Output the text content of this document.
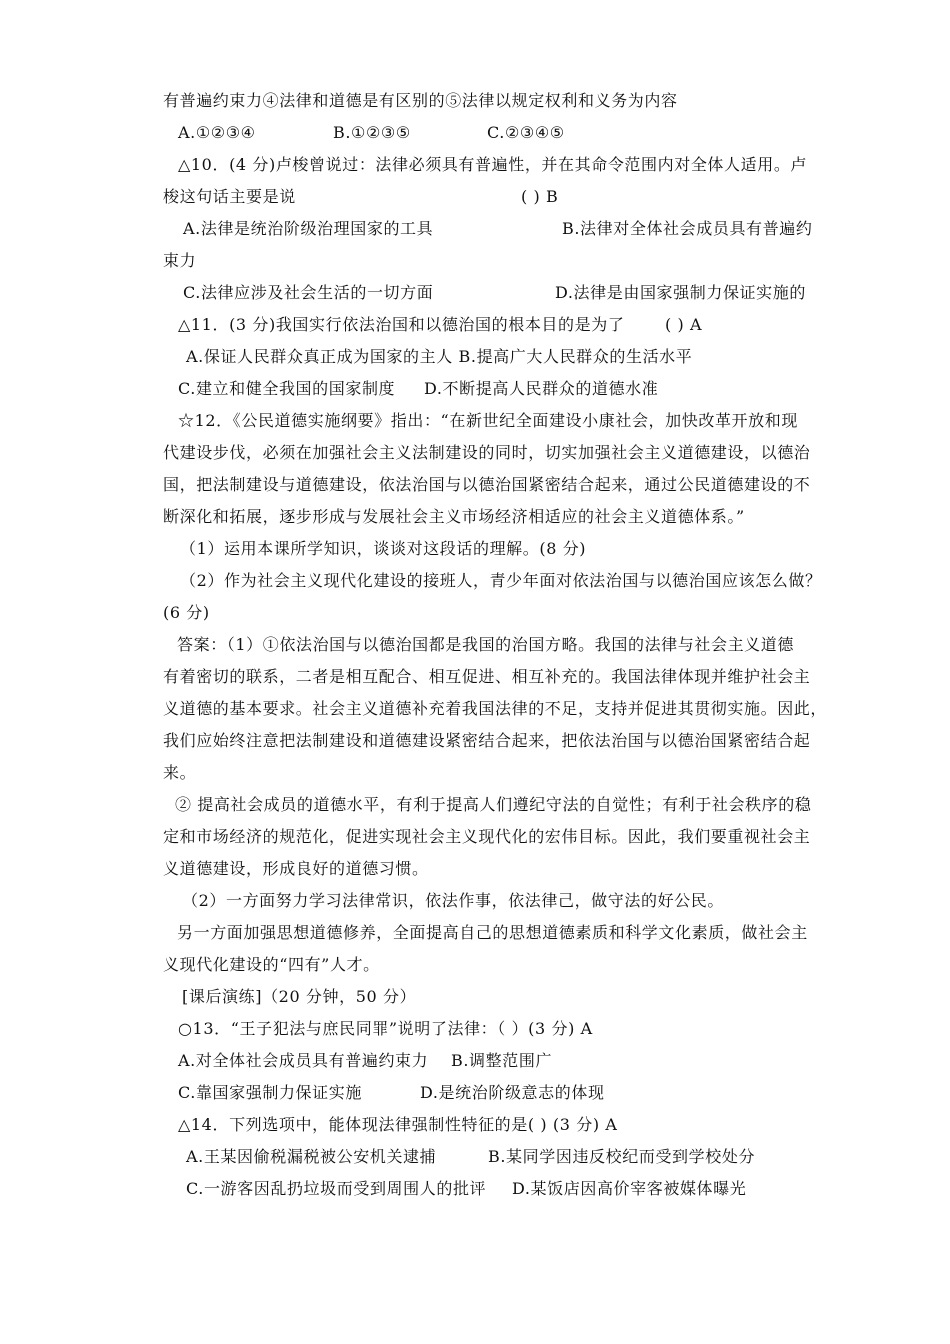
有普遍约束力④法律和道德是有区别的⑤法律以规定权利和义务为内容
A.①②③④	B.①②③⑤	C.②③④⑤
△10．(4 分)卢梭曾说过：法律必须具有普遍性，并在其命令范围内对全体人适用。卢
梭这句话主要是说	( ) B
A.法律是统治阶级治理国家的工具	B.法律对全体社会成员具有普遍约
束力
C.法律应涉及社会生活的一切方面	D.法律是由国家强制力保证实施的
△11．(3 分)我国实行依法治国和以德治国的根本目的是为了	( ) A
A.保证人民群众真正成为国家的主人 B.提高广大人民群众的生活水平
C.建立和健全我国的国家制度 D.不断提高人民群众的道德水准
☆12．《公民道德实施纲要》指出：“在新世纪全面建设小康社会，加快改革开放和现
代建设步伐，必须在加强社会主义法制建设的同时，切实加强社会主义道德建设，以德治
国，把法制建设与道德建设，依法治国与以德治国紧密结合起来，通过公民道德建设的不
断深化和拓展，逐步形成与发展社会主义市场经济相适应的社会主义道德体系。”
（1）运用本课所学知识，谈谈对这段话的理解。(8 分)
（2）作为社会主义现代化建设的接班人，青少年面对依法治国与以德治国应该怎么做？
(6 分)
答案：（1）①依法治国与以德治国都是我国的治国方略。我国的法律与社会主义道德
有着密切的联系，二者是相互配合、相互促进、相互补充的。我国法律体现并维护社会主
义道德的基本要求。社会主义道德补充着我国法律的不足，支持并促进其贯彻实施。因此，
我们应始终注意把法制建设和道德建设紧密结合起来，把依法治国与以德治国紧密结合起
来。
② 提高社会成员的道德水平，有利于提高人们遵纪守法的自觉性；有利于社会秩序的稳
定和市场经济的规范化，促进实现社会主义现代化的宏伟目标。因此，我们要重视社会主
义道德建设，形成良好的道德习惯。
（2）一方面努力学习法律常识，依法作事，依法律己，做守法的好公民。
另一方面加强思想道德修养，全面提高自己的思想道德素质和科学文化素质，做社会主
义现代化建设的“四有”人才。
[课后演练]（20 分钟，50 分）
○13．“王子犯法与庶民同罪”说明了法律：（ ）(3 分) A
A.对全体社会成员具有普遍约束力 B.调整范围广
C.靠国家强制力保证实施	D.是统治阶级意志的体现
△14．下列选项中，能体现法律强制性特征的是( ) (3 分) A
A.王某因偷税漏税被公安机关逮捕	B.某同学因违反校纪而受到学校处分
C.一游客因乱扔垃圾而受到周围人的批评 D.某饭店因高价宰客被媒体曝光
